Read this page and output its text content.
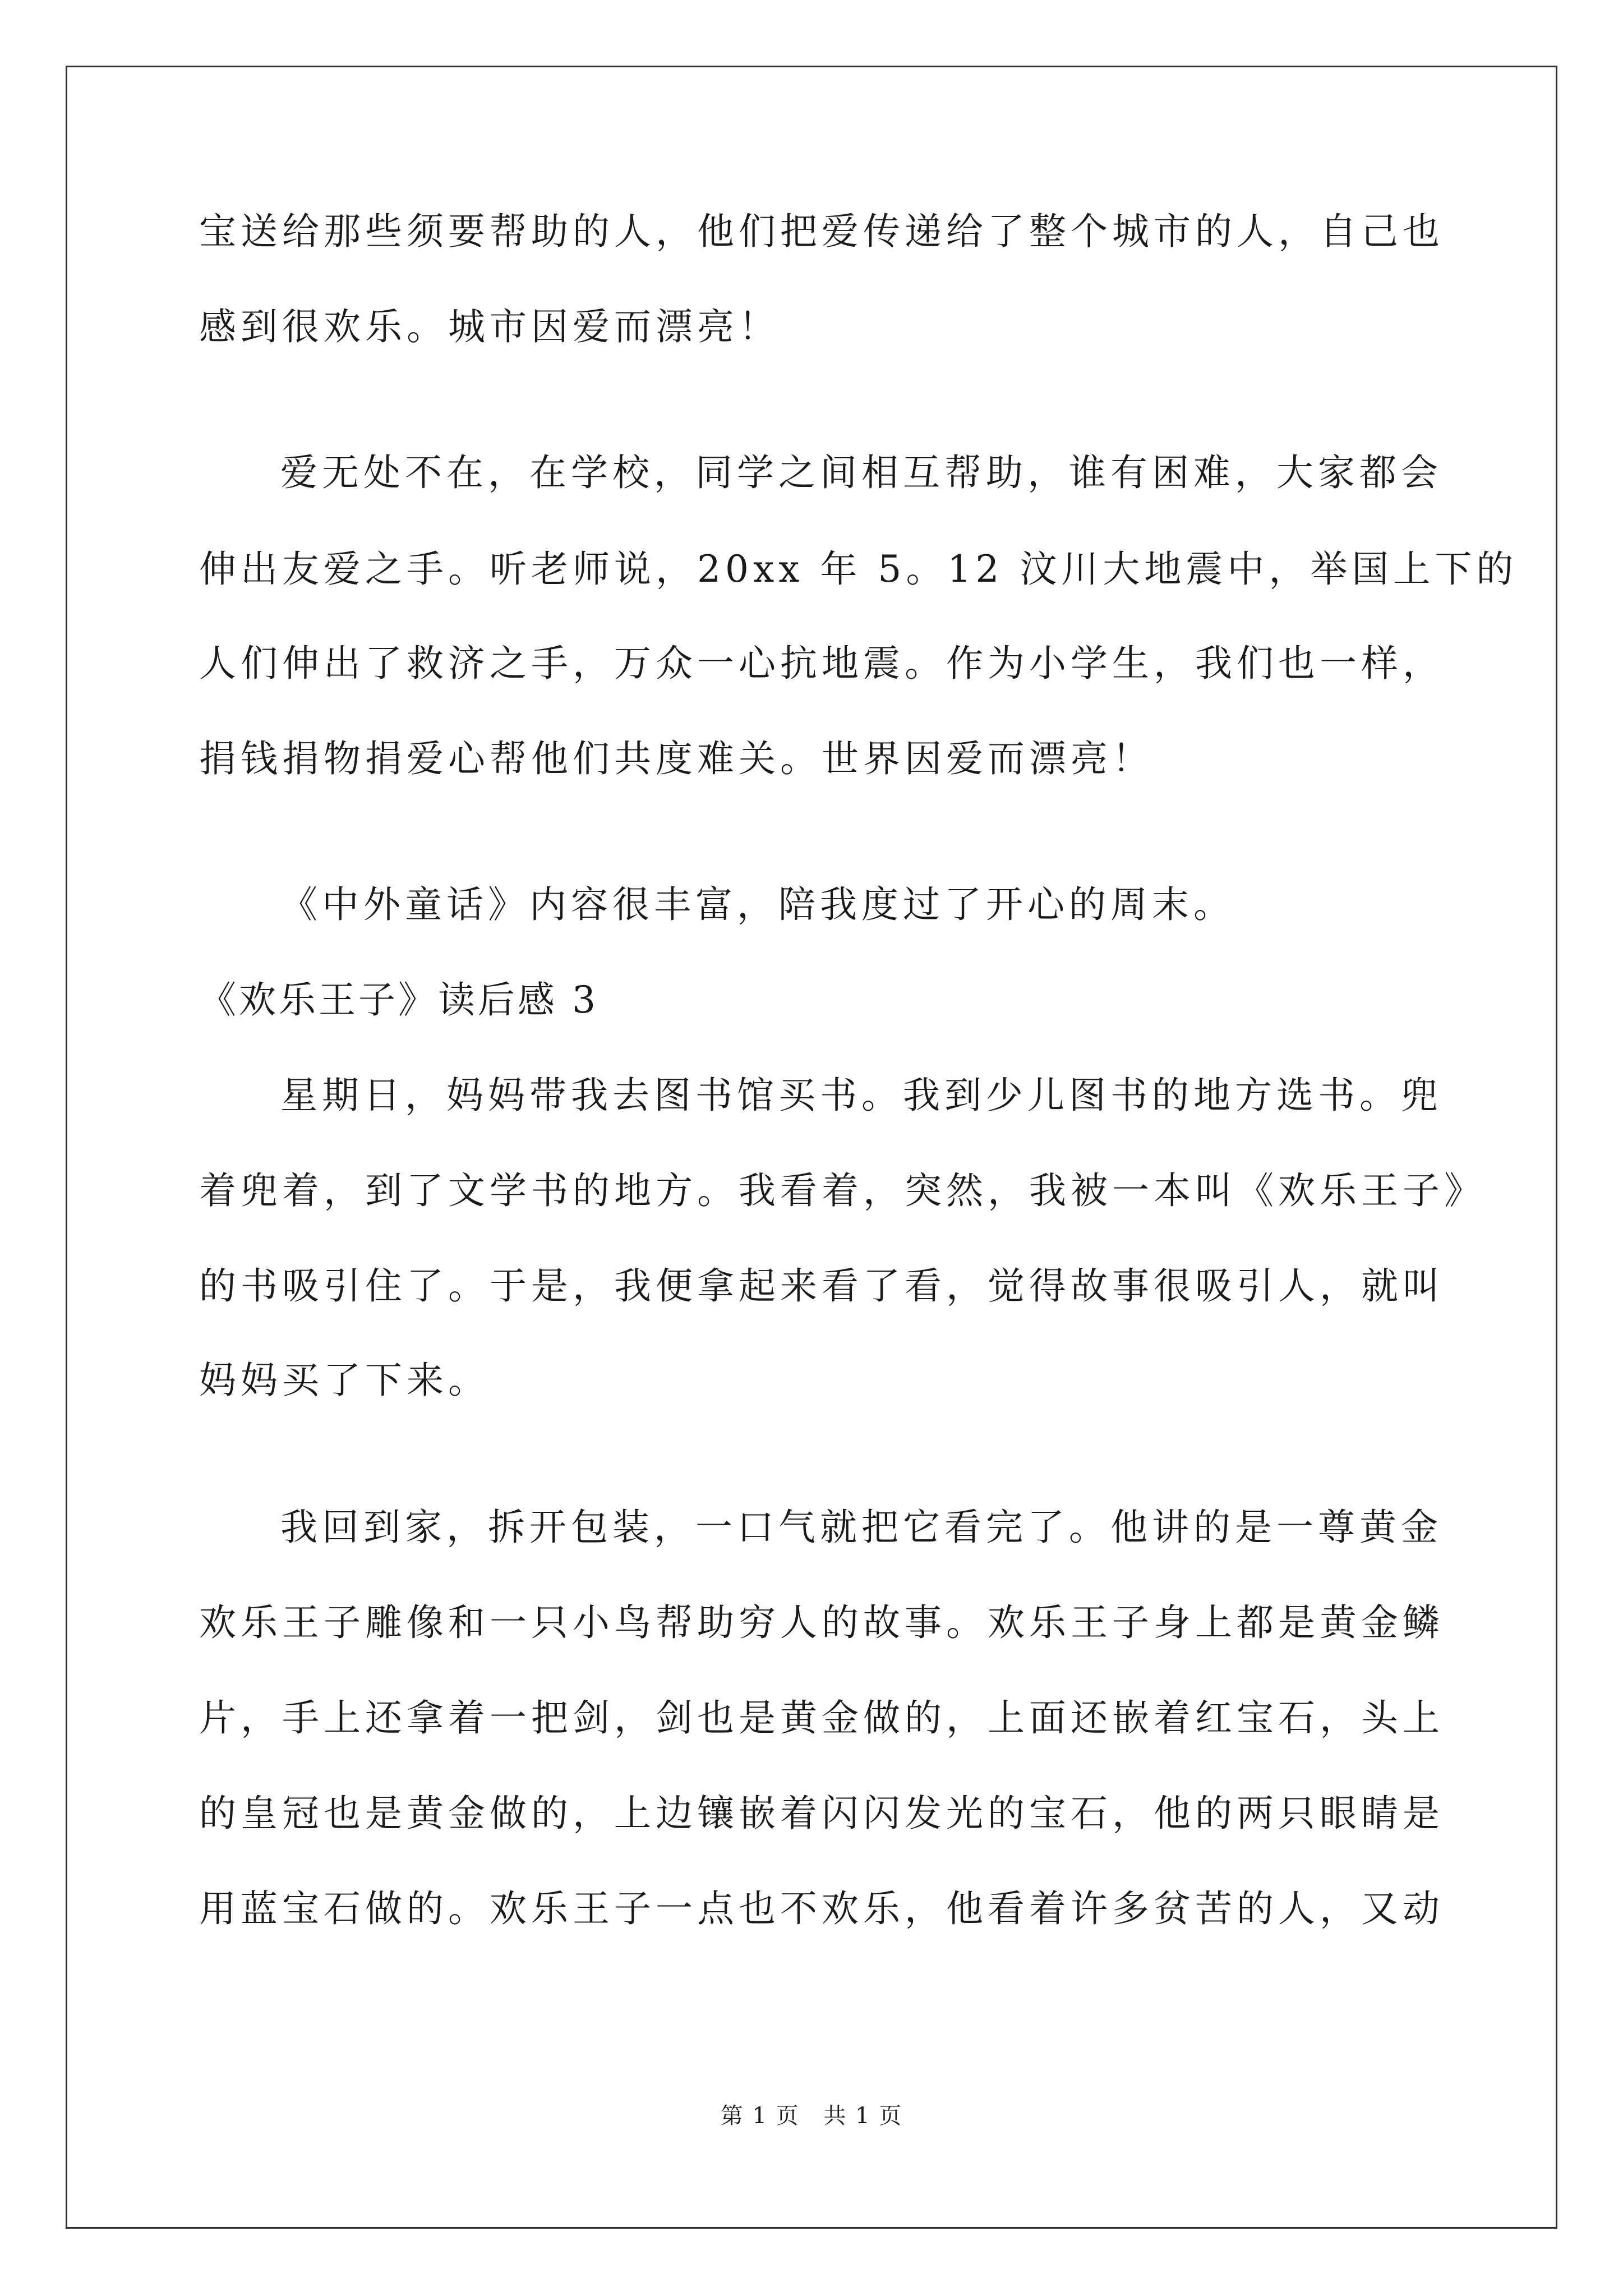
宝送给那些须要帮助的人，他们把爱传递给了整个城市的人，自己也
感到很欢乐。城市因爱而漂亮！
爱无处不在，在学校，同学之间相互帮助，谁有困难，大家都会
伸出友爱之手。听老师说，20xx 年 5。12 汶川大地震中，举国上下的
人们伸出了救济之手，万众一心抗地震。作为小学生，我们也一样，
捐钱捐物捐爱心帮他们共度难关。世界因爱而漂亮！
《中外童话》内容很丰富，陪我度过了开心的周末。
《欢乐王子》读后感 3
星期日，妈妈带我去图书馆买书。我到少儿图书的地方选书。兜
着兜着，到了文学书的地方。我看着，突然，我被一本叫《欢乐王子》
的书吸引住了。于是，我便拿起来看了看，觉得故事很吸引人，就叫
妈妈买了下来。
我回到家，拆开包装，一口气就把它看完了。他讲的是一尊黄金
欢乐王子雕像和一只小鸟帮助穷人的故事。欢乐王子身上都是黄金鳞
片，手上还拿着一把剑，剑也是黄金做的，上面还嵌着红宝石，头上
的皇冠也是黄金做的，上边镶嵌着闪闪发光的宝石，他的两只眼睛是
用蓝宝石做的。欢乐王子一点也不欢乐，他看着许多贫苦的人，又动
第 1 页 共 1 页
